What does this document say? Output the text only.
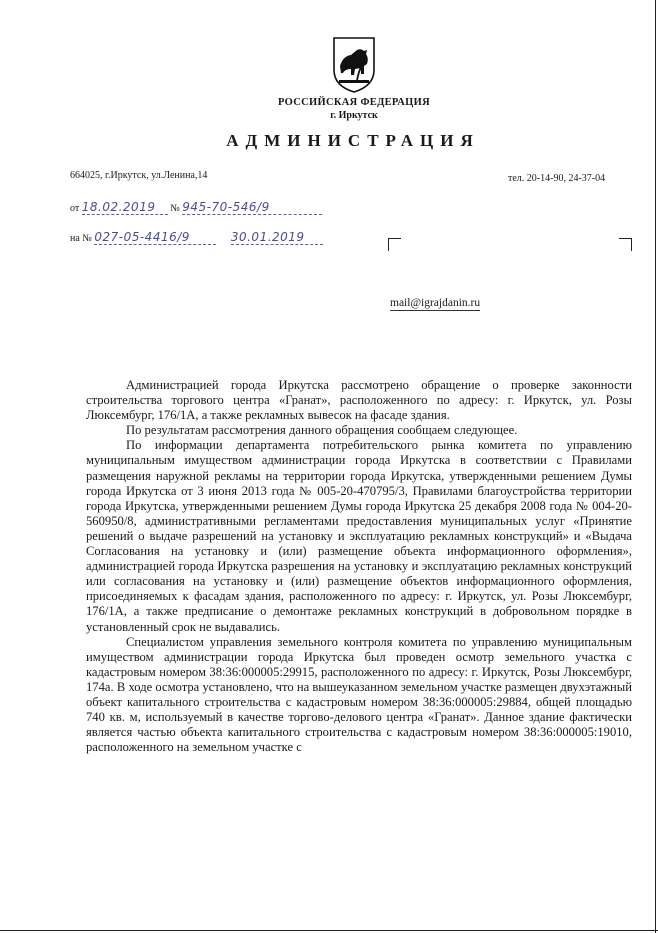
РОССИЙСКАЯ ФЕДЕРАЦИЯ
г. Иркутск
АДМИНИСТРАЦИЯ
664025, г.Иркутск, ул.Ленина,14	тел. 20-14-90, 24-37-04
от 18.02.2019 № 945-70-546/9
на № 027-05-4416/9	30.01.2019
mail@igrajdanin.ru

Администрацией города Иркутска рассмотрено обращение о проверке законности строительства торгового центра «Гранат», расположенного по адресу: г. Иркутск, ул. Розы Люксембург, 176/1А, а также рекламных вывесок на фасаде здания.

По результатам рассмотрения данного обращения сообщаем следующее.

По информации департамента потребительского рынка комитета по управлению муниципальным имуществом администрации города Иркутска в соответствии с Правилами размещения наружной рекламы на территории города Иркутска, утвержденными решением Думы города Иркутска от 3 июня 2013 года № 005-20-470795/3, Правилами благоустройства территории города Иркутска, утвержденными решением Думы города Иркутска 25 декабря 2008 года № 004-20-560950/8, административными регламентами предоставления муниципальных услуг «Принятие решений о выдаче разрешений на установку и эксплуатацию рекламных конструкций» и «Выдача Согласования на установку и (или) размещение объекта информационного оформления», администрацией города Иркутска разрешения на установку и эксплуатацию рекламных конструкций или согласования на установку и (или) размещение объектов информационного оформления, присоединяемых к фасадам здания, расположенного по адресу: г. Иркутск, ул. Розы Люксембург, 176/1А, а также предписание о демонтаже рекламных конструкций в добровольном порядке в установленный срок не выдавались.

Специалистом управления земельного контроля комитета по управлению муниципальным имуществом администрации города Иркутска был проведен осмотр земельного участка с кадастровым номером 38:36:000005:29915, расположенного по адресу: г. Иркутск, Розы Люксембург, 174а. В ходе осмотра установлено, что на вышеуказанном земельном участке размещен двухэтажный объект капитального строительства с кадастровым номером 38:36:000005:29884, общей площадью 740 кв. м, используемый в качестве торгово-делового центра «Гранат». Данное здание фактически является частью объекта капитального строительства с кадастровым номером 38:36:000005:19010, расположенного на земельном участке с
